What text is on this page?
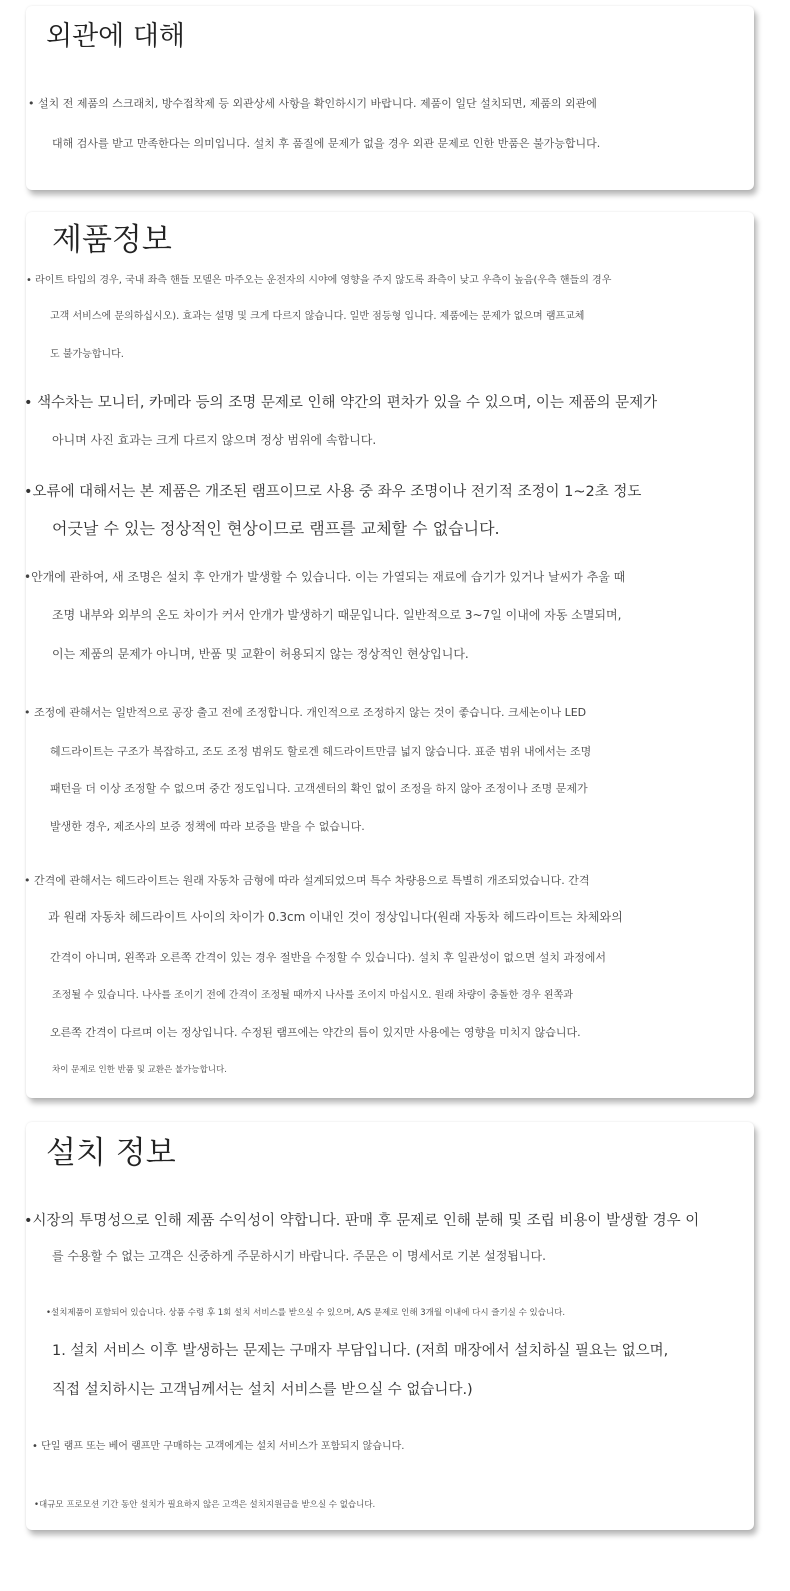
외관에 대해

• 설치 전 제품의 스크래치, 방수접착제 등 외관상세 사항을 확인하시기 바랍니다. 제품이 일단 설치되면, 제품의 외관에

대해 검사를 받고 만족한다는 의미입니다. 설치 후 품질에 문제가 없을 경우 외관 문제로 인한 반품은 불가능합니다.

제품정보

• 라이트 타입의 경우, 국내 좌측 핸들 모델은 마주오는 운전자의 시야에 영향을 주지 않도록 좌측이 낮고 우측이 높음(우측 핸들의 경우

고객 서비스에 문의하십시오). 효과는 설명 및 크게 다르지 않습니다. 일반 점등형 입니다. 제품에는 문제가 없으며 램프교체

도 불가능합니다.

• 색수차는 모니터, 카메라 등의 조명 문제로 인해 약간의 편차가 있을 수 있으며, 이는 제품의 문제가

아니며 사진 효과는 크게 다르지 않으며 정상 범위에 속합니다.

•오류에 대해서는 본 제품은 개조된 램프이므로 사용 중 좌우 조명이나 전기적 조정이 1~2초 정도

어긋날 수 있는 정상적인 현상이므로 램프를 교체할 수 없습니다.

•안개에 관하여, 새 조명은 설치 후 안개가 발생할 수 있습니다. 이는 가열되는 재료에 습기가 있거나 날씨가 추울 때

조명 내부와 외부의 온도 차이가 커서 안개가 발생하기 때문입니다. 일반적으로 3~7일 이내에 자동 소멸되며,

이는 제품의 문제가 아니며, 반품 및 교환이 허용되지 않는 정상적인 현상입니다.

• 조정에 관해서는 일반적으로 공장 출고 전에 조정합니다. 개인적으로 조정하지 않는 것이 좋습니다. 크세논이나 LED

헤드라이트는 구조가 복잡하고, 조도 조정 범위도 할로겐 헤드라이트만큼 넓지 않습니다. 표준 범위 내에서는 조명

패턴을 더 이상 조정할 수 없으며 중간 정도입니다. 고객센터의 확인 없이 조정을 하지 않아 조정이나 조명 문제가

발생한 경우, 제조사의 보증 정책에 따라 보증을 받을 수 없습니다.

• 간격에 관해서는 헤드라이트는 원래 자동차 금형에 따라 설계되었으며 특수 차량용으로 특별히 개조되었습니다. 간격

과 원래 자동차 헤드라이트 사이의 차이가 0.3cm 이내인 것이 정상입니다(원래 자동차 헤드라이트는 차체와의

간격이 아니며, 왼쪽과 오른쪽 간격이 있는 경우 절반을 수정할 수 있습니다). 설치 후 일관성이 없으면 설치 과정에서

조정될 수 있습니다. 나사를 조이기 전에 간격이 조정될 때까지 나사를 조이지 마십시오. 원래 차량이 충돌한 경우 왼쪽과

오른쪽 간격이 다르며 이는 정상입니다. 수정된 램프에는 약간의 틈이 있지만 사용에는 영향을 미치지 않습니다.

차이 문제로 인한 반품 및 교환은 불가능합니다.

설치 정보

•시장의 투명성으로 인해 제품 수익성이 약합니다. 판매 후 문제로 인해 분해 및 조립 비용이 발생할 경우 이

를 수용할 수 없는 고객은 신중하게 주문하시기 바랍니다. 주문은 이 명세서로 기본 설정됩니다.

•설치제품이 포함되어 있습니다. 상품 수령 후 1회 설치 서비스를 받으실 수 있으며, A/S 문제로 인해 3개월 이내에 다시 즐기실 수 있습니다.

1. 설치 서비스 이후 발생하는 문제는 구매자 부담입니다. (저희 매장에서 설치하실 필요는 없으며,

직접 설치하시는 고객님께서는 설치 서비스를 받으실 수 없습니다.)

• 단일 램프 또는 베어 램프만 구매하는 고객에게는 설치 서비스가 포함되지 않습니다.

•대규모 프로모션 기간 동안 설치가 필요하지 않은 고객은 설치지원금을 받으실 수 없습니다.
